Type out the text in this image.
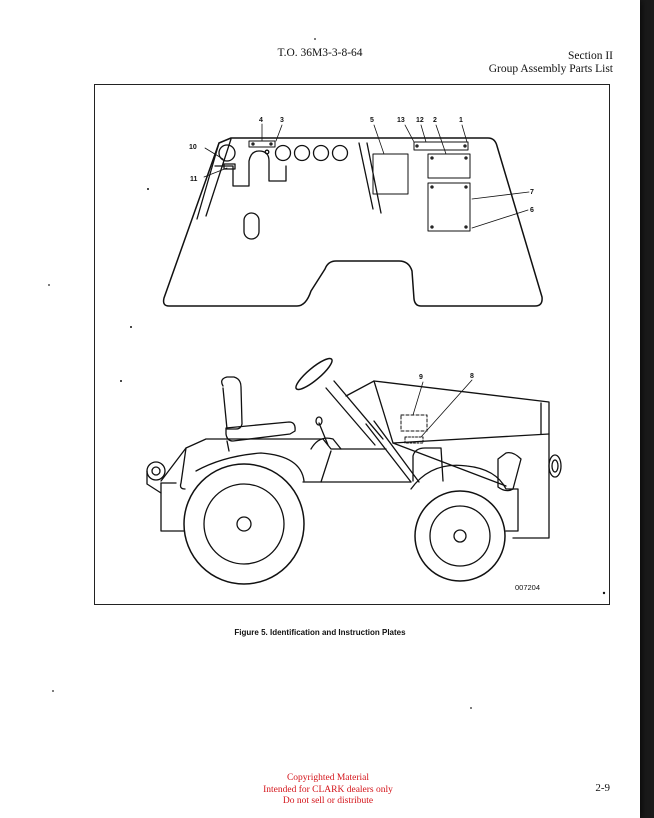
T.O. 36M3-3-8-64	Section II
Group Assembly Parts List
4 3	5	13 12 2	1
10
11
7
6
9	8
007204
Figure 5. Identification and Instruction Plates
Copyrighted Material
Intended for CLARK dealers only
Do not sell or distribute
2-9
